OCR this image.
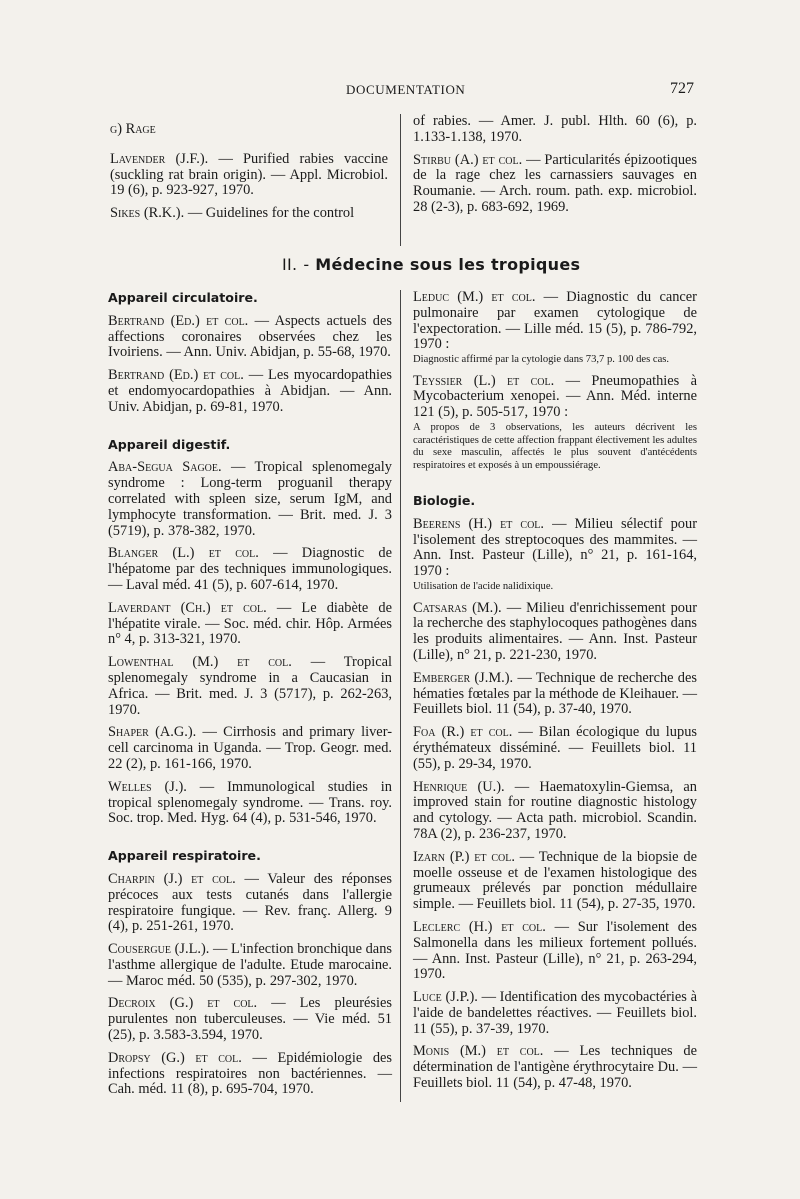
DOCUMENTATION	727
g) Rage
Lavender (J.F.). — Purified rabies vaccine (suckling rat brain origin). — Appl. Microbiol. 19 (6), p. 923-927, 1970.
Sikes (R.K.). — Guidelines for the control
of rabies. — Amer. J. publ. Hlth. 60 (6), p. 1.133-1.138, 1970.
Stirbu (A.) et col. — Particularités épizootiques de la rage chez les carnassiers sauvages en Roumanie. — Arch. roum. path. exp. microbiol. 28 (2-3), p. 683-692, 1969.
II. - Médecine sous les tropiques
Appareil circulatoire.
Bertrand (Ed.) et col. — Aspects actuels des affections coronaires observées chez les Ivoiriens. — Ann. Univ. Abidjan, p. 55-68, 1970.
Bertrand (Ed.) et col. — Les myocardopathies et endomyocardopathies à Abidjan. — Ann. Univ. Abidjan, p. 69-81, 1970.
Appareil digestif.
Aba-Segua Sagoe. — Tropical splenomegaly syndrome : Long-term proguanil therapy correlated with spleen size, serum IgM, and lymphocyte transformation. — Brit. med. J. 3 (5719), p. 378-382, 1970.
Blanger (L.) et col. — Diagnostic de l'hépatome par des techniques immunologiques. — Laval méd. 41 (5), p. 607-614, 1970.
Laverdant (Ch.) et col. — Le diabète de l'hépatite virale. — Soc. méd. chir. Hôp. Armées n° 4, p. 313-321, 1970.
Lowenthal (M.) et col. — Tropical splenomegaly syndrome in a Caucasian in Africa. — Brit. med. J. 3 (5717), p. 262-263, 1970.
Shaper (A.G.). — Cirrhosis and primary liver-cell carcinoma in Uganda. — Trop. Geogr. med. 22 (2), p. 161-166, 1970.
Welles (J.). — Immunological studies in tropical splenomegaly syndrome. — Trans. roy. Soc. trop. Med. Hyg. 64 (4), p. 531-546, 1970.
Appareil respiratoire.
Charpin (J.) et col. — Valeur des réponses précoces aux tests cutanés dans l'allergie respiratoire fungique. — Rev. franç. Allerg. 9 (4), p. 251-261, 1970.
Cousergue (J.L.). — L'infection bronchique dans l'asthme allergique de l'adulte. Etude marocaine. — Maroc méd. 50 (535), p. 297-302, 1970.
Decroix (G.) et col. — Les pleurésies purulentes non tuberculeuses. — Vie méd. 51 (25), p. 3.583-3.594, 1970.
Dropsy (G.) et col. — Epidémiologie des infections respiratoires non bactériennes. — Cah. méd. 11 (8), p. 695-704, 1970.
Leduc (M.) et col. — Diagnostic du cancer pulmonaire par examen cytologique de l'expectoration. — Lille méd. 15 (5), p. 786-792, 1970 :
Diagnostic affirmé par la cytologie dans 73,7 p. 100 des cas.
Teyssier (L.) et col. — Pneumopathies à Mycobacterium xenopei. — Ann. Méd. interne 121 (5), p. 505-517, 1970 :
A propos de 3 observations, les auteurs décrivent les caractéristiques de cette affection frappant électivement les adultes du sexe masculin, affectés le plus souvent d'antécédents respiratoires et exposés à un empoussiérage.
Biologie.
Beerens (H.) et col. — Milieu sélectif pour l'isolement des streptocoques des mammites. — Ann. Inst. Pasteur (Lille), n° 21, p. 161-164, 1970 :
Utilisation de l'acide nalidixique.
Catsaras (M.). — Milieu d'enrichissement pour la recherche des staphylocoques pathogènes dans les produits alimentaires. — Ann. Inst. Pasteur (Lille), n° 21, p. 221-230, 1970.
Emberger (J.M.). — Technique de recherche des hématies fœtales par la méthode de Kleihauer. — Feuillets biol. 11 (54), p. 37-40, 1970.
Foa (R.) et col. — Bilan écologique du lupus érythémateux disséminé. — Feuillets biol. 11 (55), p. 29-34, 1970.
Henrique (U.). — Haematoxylin-Giemsa, an improved stain for routine diagnostic histology and cytology. — Acta path. microbiol. Scandin. 78A (2), p. 236-237, 1970.
Izarn (P.) et col. — Technique de la biopsie de moelle osseuse et de l'examen histologique des grumeaux prélevés par ponction médullaire simple. — Feuillets biol. 11 (54), p. 27-35, 1970.
Leclerc (H.) et col. — Sur l'isolement des Salmonella dans les milieux fortement pollués. — Ann. Inst. Pasteur (Lille), n° 21, p. 263-294, 1970.
Luce (J.P.). — Identification des mycobactéries à l'aide de bandelettes réactives. — Feuillets biol. 11 (55), p. 37-39, 1970.
Monis (M.) et col. — Les techniques de détermination de l'antigène érythrocytaire Du. — Feuillets biol. 11 (54), p. 47-48, 1970.
